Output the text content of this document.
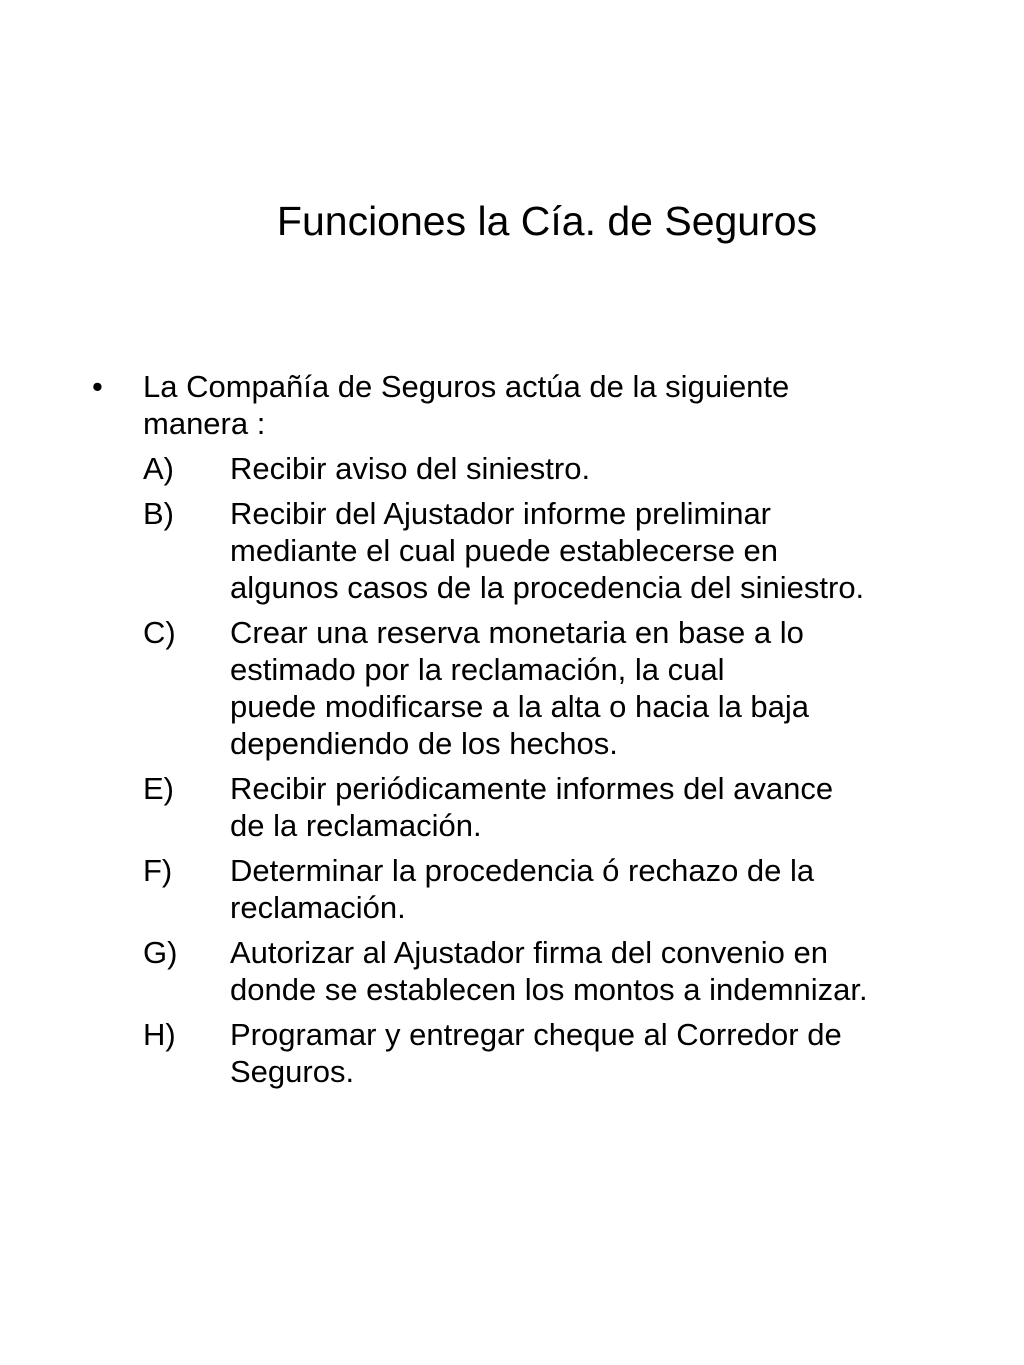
Funciones la Cía. de Seguros
•	La Compañía de Seguros actúa de la siguiente
manera :
A)	Recibir aviso del siniestro.
B)	Recibir del Ajustador informe preliminar
mediante el cual puede establecerse en
algunos casos de la procedencia del siniestro.
C)	Crear una reserva monetaria en base a lo
estimado por la reclamación, la cual
puede modificarse a la alta o hacia la baja
dependiendo de los hechos.
E)	Recibir periódicamente informes del avance
de la reclamación.
F)	Determinar la procedencia ó rechazo de la
reclamación.
G)	Autorizar al Ajustador firma del convenio en
donde se establecen los montos a indemnizar.
H)	Programar y entregar cheque al Corredor de
Seguros.
